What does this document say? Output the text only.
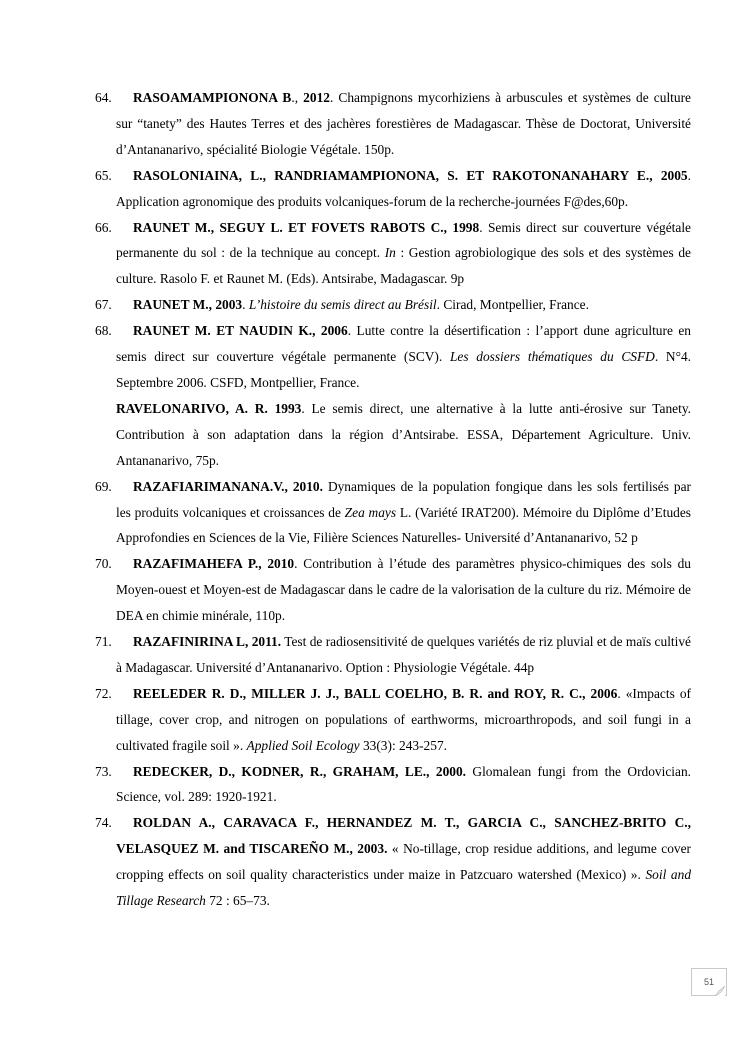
64. RASOAMAMPIONONA B., 2012. Champignons mycorhiziens à arbuscules et systèmes de culture sur “tanety” des Hautes Terres et des jachères forestières de Madagascar. Thèse de Doctorat, Université d’Antananarivo, spécialité Biologie Végétale. 150p.
65. RASOLONIAINA, L., RANDRIAMAMPIONONA, S. ET RAKOTONANAHARY E., 2005. Application agronomique des produits volcaniques-forum de la recherche-journées F@des,60p.
66. RAUNET M., SEGUY L. ET FOVETS RABOTS C., 1998. Semis direct sur couverture végétale permanente du sol : de la technique au concept. In : Gestion agrobiologique des sols et des systèmes de culture. Rasolo F. et Raunet M. (Eds). Antsirabe, Madagascar. 9p
67. RAUNET M., 2003. L’histoire du semis direct au Brésil. Cirad, Montpellier, France.
68. RAUNET M. ET NAUDIN K., 2006. Lutte contre la désertification : l’apport dune agriculture en semis direct sur couverture végétale permanente (SCV). Les dossiers thématiques du CSFD. N°4. Septembre 2006. CSFD, Montpellier, France.
RAVELONARIVO, A. R. 1993. Le semis direct, une alternative à la lutte anti-érosive sur Tanety. Contribution à son adaptation dans la région d’Antsirabe. ESSA, Département Agriculture. Univ. Antananarivo, 75p.
69. RAZAFIARIMANANA.V., 2010. Dynamiques de la population fongique dans les sols fertilisés par les produits volcaniques et croissances de Zea mays L. (Variété IRAT200). Mémoire du Diplôme d’Etudes Approfondies en Sciences de la Vie, Filière Sciences Naturelles- Université d’Antananarivo, 52 p
70. RAZAFIMAHEFA P., 2010. Contribution à l’étude des paramètres physico-chimiques des sols du Moyen-ouest et Moyen-est de Madagascar dans le cadre de la valorisation de la culture du riz. Mémoire de DEA en chimie minérale, 110p.
71. RAZAFINIRINA L, 2011. Test de radiosensitivité de quelques variétés de riz pluvial et de maïs cultivé à Madagascar. Université d’Antananarivo. Option : Physiologie Végétale. 44p
72. REELEDER R. D., MILLER J. J., BALL COELHO, B. R. and ROY, R. C., 2006. «Impacts of tillage, cover crop, and nitrogen on populations of earthworms, microarthropods, and soil fungi in a cultivated fragile soil ». Applied Soil Ecology 33(3): 243-257.
73. REDECKER, D., KODNER, R., GRAHAM, LE., 2000. Glomalean fungi from the Ordovician. Science, vol. 289: 1920-1921.
74. ROLDAN A., CARAVACA F., HERNANDEZ M. T., GARCIA C., SANCHEZ-BRITO C., VELASQUEZ M. and TISCAREÑO M., 2003. « No-tillage, crop residue additions, and legume cover cropping effects on soil quality characteristics under maize in Patzcuaro watershed (Mexico) ». Soil and Tillage Research 72 : 65–73.
51
